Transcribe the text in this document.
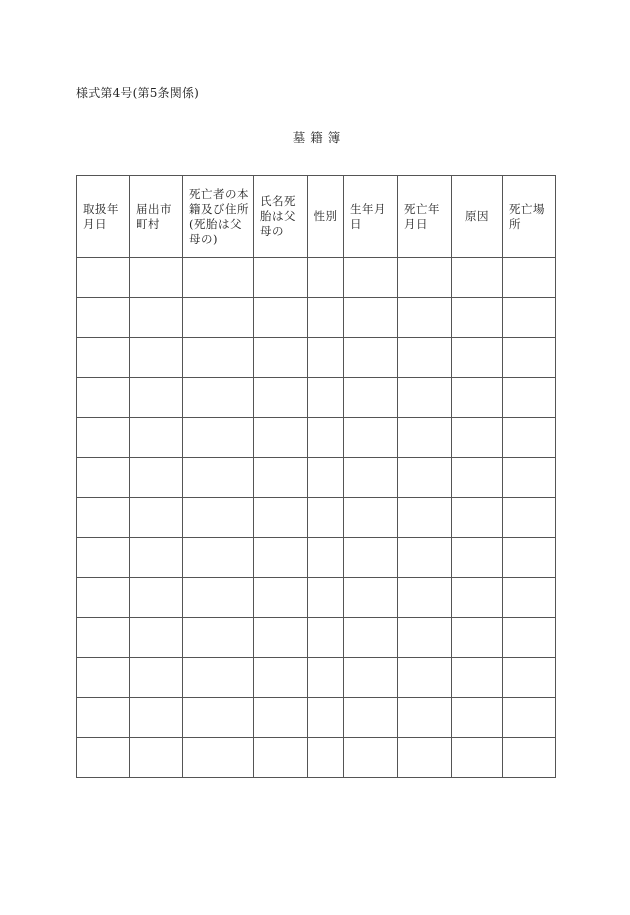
様式第4号(第5条関係)
墓籍簿
取扱年月日	届出市町村	死亡者の本籍及び住所(死胎は父母の)	氏名死胎は父母の	性別	生年月日	死亡年月日	原因	死亡場所
